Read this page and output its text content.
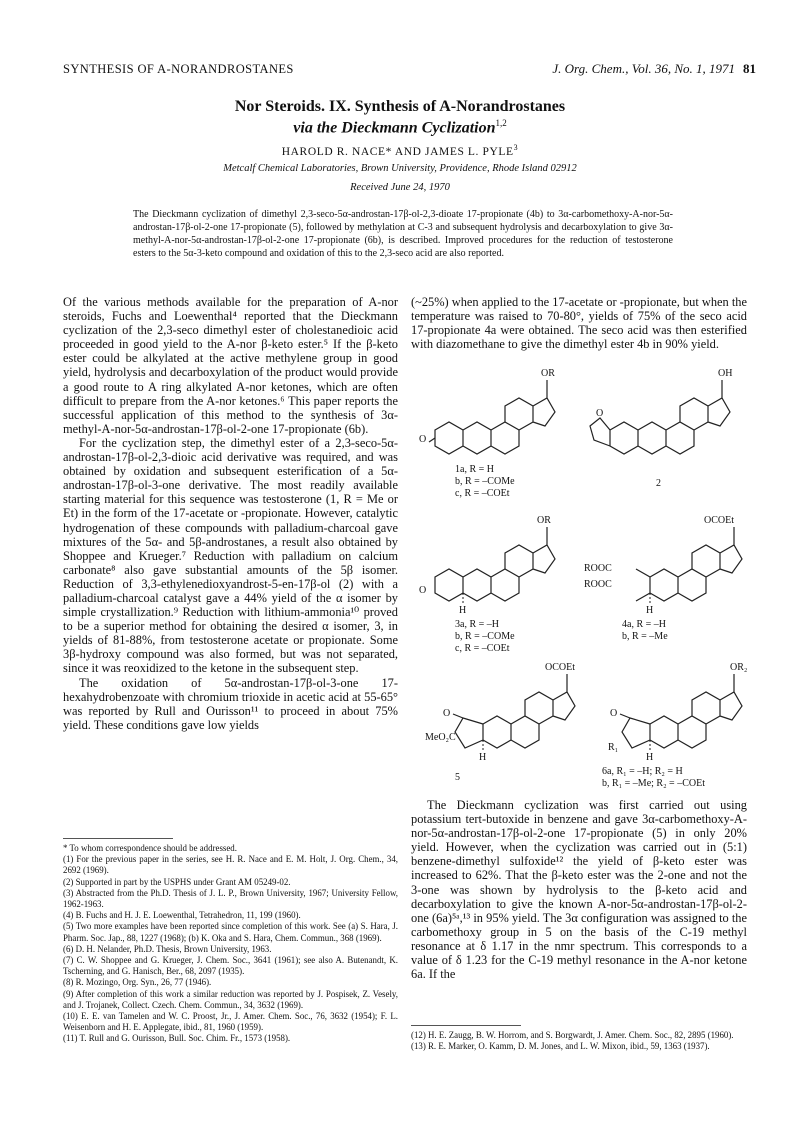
SYNTHESIS OF A-NORANDROSTANES	J. Org. Chem., Vol. 36, No. 1, 1971 81
Nor Steroids. IX. Synthesis of A-Norandrostanes
via the Dieckmann Cyclization$^{1,2}$
HAROLD R. NACE* AND JAMES L. PYLE$^3$
Metcalf Chemical Laboratories, Brown University, Providence, Rhode Island 02912
Received June 24, 1970
The Dieckmann cyclization of dimethyl 2,3-seco-5α-androstan-17β-ol-2,3-dioate 17-propionate (4b) to 3α-carbomethoxy-A-nor-5α-androstan-17β-ol-2-one 17-propionate (5), followed by methylation at C-3 and subsequent hydrolysis and decarboxylation to give 3α-methyl-A-nor-5α-androstan-17β-ol-2-one 17-propionate (6b), is described. Improved procedures for the reduction of testosterone esters to the 5α-3-keto compound and oxidation of this to the 2,3-seco acid are also reported.

Of the various methods available for the preparation of A-nor steroids, Fuchs and Loewenthal⁴ reported that the Dieckmann cyclization of the 2,3-seco dimethyl ester of cholestanedioic acid proceeded in good yield to the A-nor β-keto ester.⁵ If the β-keto ester could be alkylated at the active methylene group in good yield, hydrolysis and decarboxylation of the product would provide a good route to A ring alkylated A-nor ketones, which are often difficult to prepare from the A-nor ketones.⁶ This paper reports the successful application of this method to the synthesis of 3α-methyl-A-nor-5α-androstan-17β-ol-2-one 17-propionate (6b).

For the cyclization step, the dimethyl ester of a 2,3-seco-5α-androstan-17β-ol-2,3-dioic acid derivative was required, and was obtained by oxidation and subsequent esterification of a 5α-androstan-17β-ol-3-one derivative. The most readily available starting material for this sequence was testosterone (1, R = Me or Et) in the form of the 17-acetate or -propionate. However, catalytic hydrogenation of these compounds with palladium-charcoal gave mixtures of the 5α- and 5β-androstanes, a result also obtained by Shoppee and Krueger.⁷ Reduction with palladium on calcium carbonate⁸ also gave substantial amounts of the 5β isomer. Reduction of 3,3-ethylenedioxyandrost-5-en-17β-ol (2) with a palladium-charcoal catalyst gave a 44% yield of the α isomer by simple crystallization.⁹ Reduction with lithium-ammonia¹⁰ proved to be a superior method for obtaining the desired α isomer, 3, in yields of 81-88%, from testosterone acetate or propionate. Some 3β-hydroxy compound was also formed, but was not separated, since it was reoxidized to the ketone in the subsequent step.

The oxidation of 5α-androstan-17β-ol-3-one 17-hexahydrobenzoate with chromium trioxide in acetic acid at 55-65° was reported by Rull and Ourisson¹¹ to proceed in about 75% yield. These conditions gave low yields

* To whom correspondence should be addressed.

(1) For the previous paper in the series, see H. R. Nace and E. M. Holt, J. Org. Chem., 34, 2692 (1969).

(2) Supported in part by the USPHS under Grant AM 05249-02.

(3) Abstracted from the Ph.D. Thesis of J. L. P., Brown University, 1967; University Fellow, 1962-1963.

(4) B. Fuchs and H. J. E. Loewenthal, Tetrahedron, 11, 199 (1960).

(5) Two more examples have been reported since completion of this work. See (a) S. Hara, J. Pharm. Soc. Jap., 88, 1227 (1968); (b) K. Oka and S. Hara, Chem. Commun., 368 (1969).

(6) D. H. Nelander, Ph.D. Thesis, Brown University, 1963.

(7) C. W. Shoppee and G. Krueger, J. Chem. Soc., 3641 (1961); see also A. Butenandt, K. Tscherning, and G. Hanisch, Ber., 68, 2097 (1935).

(8) R. Mozingo, Org. Syn., 26, 77 (1946).

(9) After completion of this work a similar reduction was reported by J. Pospisek, Z. Vesely, and J. Trojanek, Collect. Czech. Chem. Commun., 34, 3632 (1969).

(10) E. E. van Tamelen and W. C. Proost, Jr., J. Amer. Chem. Soc., 76, 3632 (1954); F. L. Weisenborn and H. E. Applegate, ibid., 81, 1960 (1959).

(11) T. Rull and G. Ourisson, Bull. Soc. Chim. Fr., 1573 (1958).

(~25%) when applied to the 17-acetate or -propionate, but when the temperature was raised to 70-80°, yields of 75% of the seco acid 17-propionate 4a were obtained. The seco acid was then esterified with diazomethane to give the dimethyl ester 4b in 90% yield.

OR
O
1a, R = H
b, R = –COMe
c, R = –COEt
OH
O
2
OR
O
H
3a, R = –H
b, R = –COMe
c, R = –COEt
OCOEt
ROOC
ROOC
H
4a, R = –H
b, R = –Me
OCOEt
O
MeO₂C
H
5
OR₂
O
R₁
H
6a, R₁ = –H; R₂ = H
b, R₁ = –Me; R₂ = –COEt

The Dieckmann cyclization was first carried out using potassium tert-butoxide in benzene and gave 3α-carbomethoxy-A-nor-5α-androstan-17β-ol-2-one 17-propionate (5) in only 20% yield. However, when the cyclization was carried out in (5:1) benzene-dimethyl sulfoxide¹² the yield of β-keto ester was increased to 62%. That the β-keto ester was the 2-one and not the 3-one was shown by hydrolysis to the β-keto acid and decarboxylation to give the known A-nor-5α-androstan-17β-ol-2-one (6a)⁵ᵃ,¹³ in 95% yield. The 3α configuration was assigned to the carbomethoxy group in 5 on the basis of the C-19 methyl resonance at δ 1.17 in the nmr spectrum. This corresponds to a value of δ 1.23 for the C-19 methyl resonance in the A-nor ketone 6a. If the

(12) H. E. Zaugg, B. W. Horrom, and S. Borgwardt, J. Amer. Chem. Soc., 82, 2895 (1960).

(13) R. E. Marker, O. Kamm, D. M. Jones, and L. W. Mixon, ibid., 59, 1363 (1937).
